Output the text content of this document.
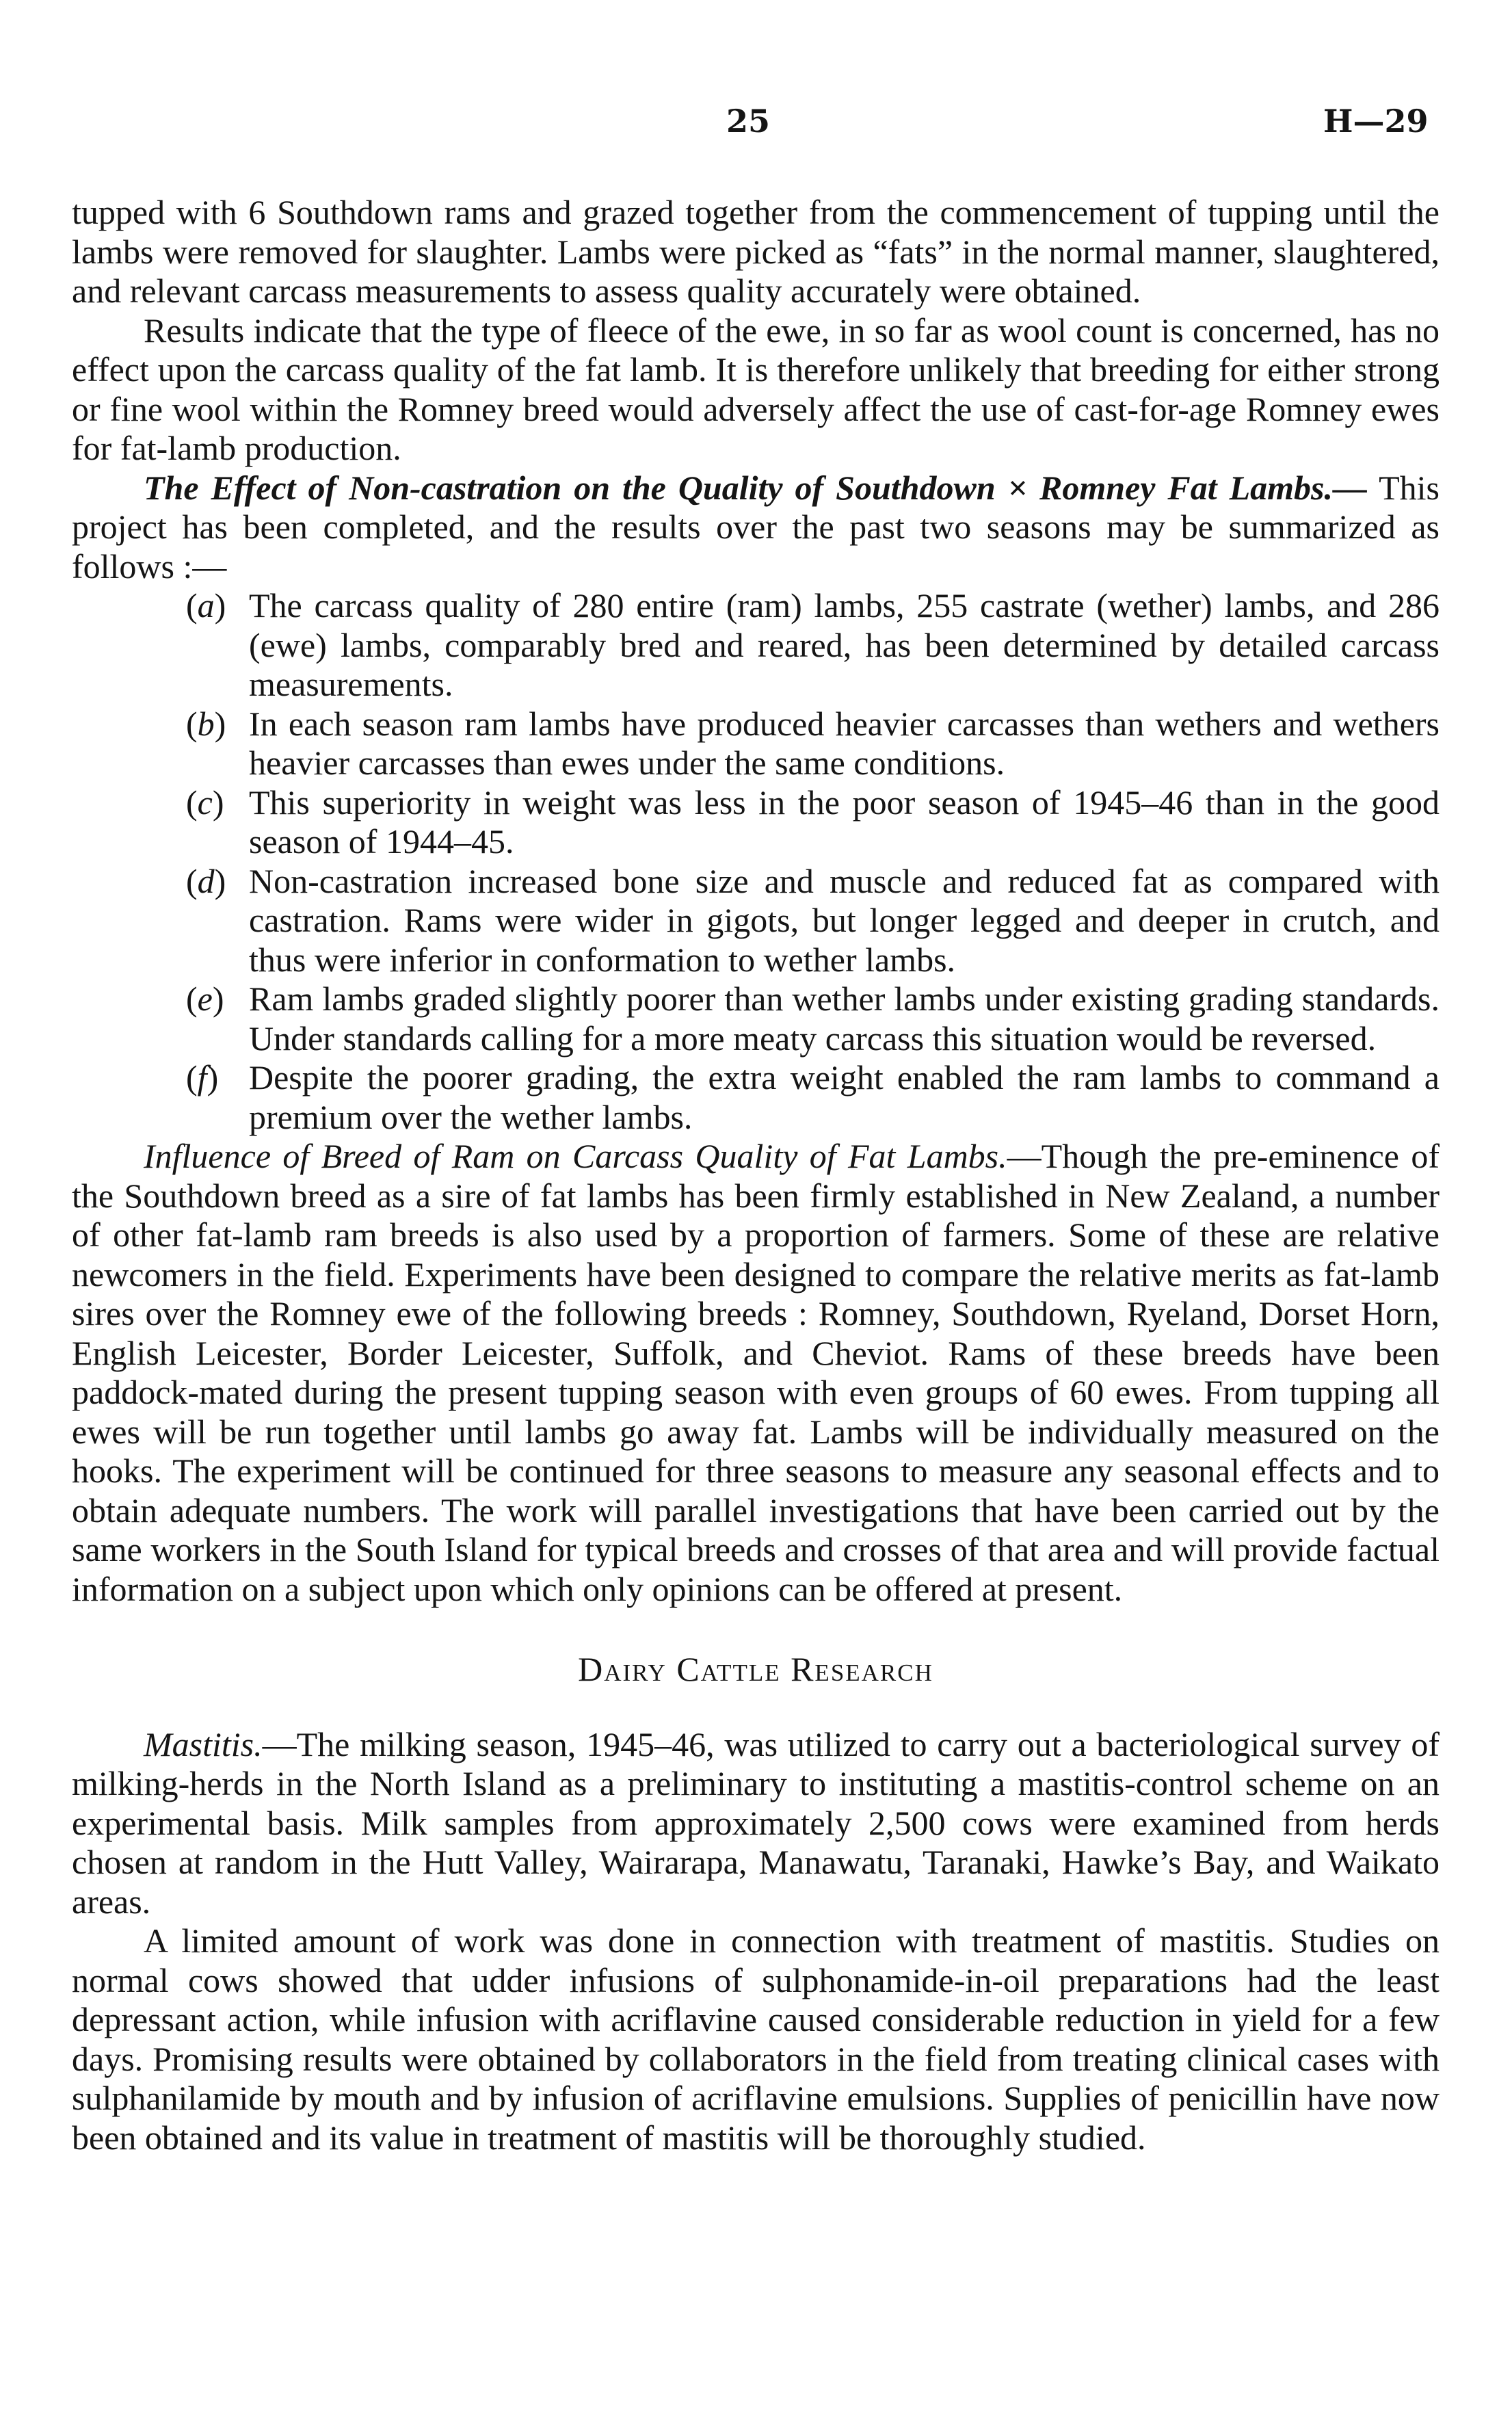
25	H—29

tupped with 6 Southdown rams and grazed together from the commencement of tupping until the lambs were removed for slaughter. Lambs were picked as “fats” in the normal manner, slaughtered, and relevant carcass measurements to assess quality accurately were obtained.

Results indicate that the type of fleece of the ewe, in so far as wool count is concerned, has no effect upon the carcass quality of the fat lamb. It is therefore unlikely that breeding for either strong or fine wool within the Romney breed would adversely affect the use of cast-for-age Romney ewes for fat-lamb production.

The Effect of Non-castration on the Quality of Southdown × Romney Fat Lambs.— This project has been completed, and the results over the past two seasons may be summarized as follows :—

(a) The carcass quality of 280 entire (ram) lambs, 255 castrate (wether) lambs, and 286 (ewe) lambs, comparably bred and reared, has been determined by detailed carcass measurements.

(b) In each season ram lambs have produced heavier carcasses than wethers and wethers heavier carcasses than ewes under the same conditions.

(c) This superiority in weight was less in the poor season of 1945–46 than in the good season of 1944–45.

(d) Non-castration increased bone size and muscle and reduced fat as compared with castration. Rams were wider in gigots, but longer legged and deeper in crutch, and thus were inferior in conformation to wether lambs.

(e) Ram lambs graded slightly poorer than wether lambs under existing grading standards. Under standards calling for a more meaty carcass this situation would be reversed.

(f) Despite the poorer grading, the extra weight enabled the ram lambs to command a premium over the wether lambs.

Influence of Breed of Ram on Carcass Quality of Fat Lambs.—Though the pre-eminence of the Southdown breed as a sire of fat lambs has been firmly established in New Zealand, a number of other fat-lamb ram breeds is also used by a proportion of farmers. Some of these are relative newcomers in the field. Experiments have been designed to compare the relative merits as fat-lamb sires over the Romney ewe of the following breeds : Romney, Southdown, Ryeland, Dorset Horn, English Leicester, Border Leicester, Suffolk, and Cheviot. Rams of these breeds have been paddock-mated during the present tupping season with even groups of 60 ewes. From tupping all ewes will be run together until lambs go away fat. Lambs will be individually measured on the hooks. The experiment will be continued for three seasons to measure any seasonal effects and to obtain adequate numbers. The work will parallel investigations that have been carried out by the same workers in the South Island for typical breeds and crosses of that area and will provide factual information on a subject upon which only opinions can be offered at present.

Dairy Cattle Research

Mastitis.—The milking season, 1945–46, was utilized to carry out a bacteriological survey of milking-herds in the North Island as a preliminary to instituting a mastitis-control scheme on an experimental basis. Milk samples from approximately 2,500 cows were examined from herds chosen at random in the Hutt Valley, Wairarapa, Manawatu, Taranaki, Hawke’s Bay, and Waikato areas.

A limited amount of work was done in connection with treatment of mastitis. Studies on normal cows showed that udder infusions of sulphonamide-in-oil preparations had the least depressant action, while infusion with acriflavine caused considerable reduction in yield for a few days. Promising results were obtained by collaborators in the field from treating clinical cases with sulphanilamide by mouth and by infusion of acriflavine emulsions. Supplies of penicillin have now been obtained and its value in treatment of mastitis will be thoroughly studied.
